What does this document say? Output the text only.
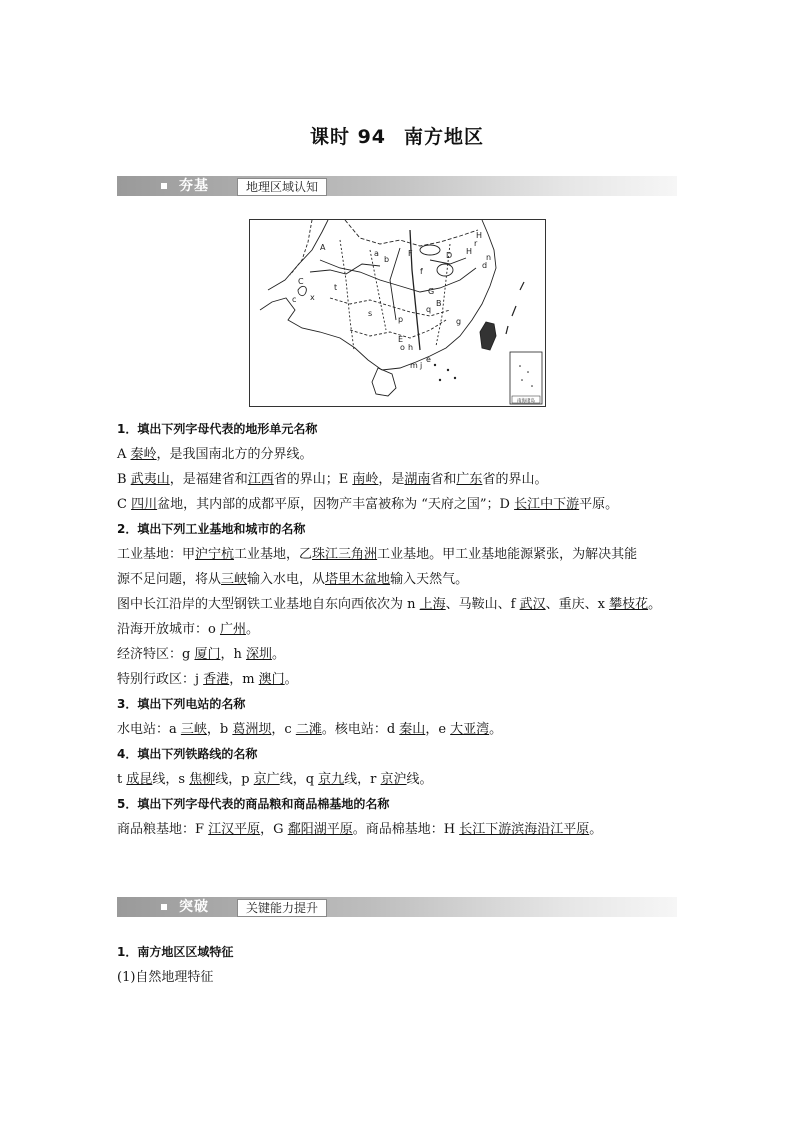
课时 94 南方地区
夯基	地理区域认知
H
H
D
F
C
G
B
E
A
a
b
c
d
e
f
g
h
j
m
n
o
p
q
r
s
t
x
南海诸岛

1．填出下列字母代表的地形单元名称

A 秦岭，是我国南北方的分界线。

B 武夷山，是福建省和江西省的界山；E 南岭，是湖南省和广东省的界山。

C 四川盆地，其内部的成都平原，因物产丰富被称为 “天府之国”；D 长江中下游平原。

2．填出下列工业基地和城市的名称

工业基地：甲沪宁杭工业基地，乙珠江三角洲工业基地。甲工业基地能源紧张，为解决其能

源不足问题，将从三峡输入水电，从塔里木盆地输入天然气。

图中长江沿岸的大型钢铁工业基地自东向西依次为 n 上海、马鞍山、f 武汉、重庆、x 攀枝花。

沿海开放城市：o 广州。

经济特区：g 厦门，h 深圳。

特别行政区：j 香港，m 澳门。

3．填出下列电站的名称

水电站：a 三峡，b 葛洲坝，c 二滩。核电站：d 秦山，e 大亚湾。

4．填出下列铁路线的名称

t 成昆线，s 焦柳线，p 京广线，q 京九线，r 京沪线。

5．填出下列字母代表的商品粮和商品棉基地的名称

商品粮基地：F 江汉平原，G 鄱阳湖平原。商品棉基地：H 长江下游滨海沿江平原。

突破	关键能力提升

1．南方地区区域特征

(1)自然地理特征
